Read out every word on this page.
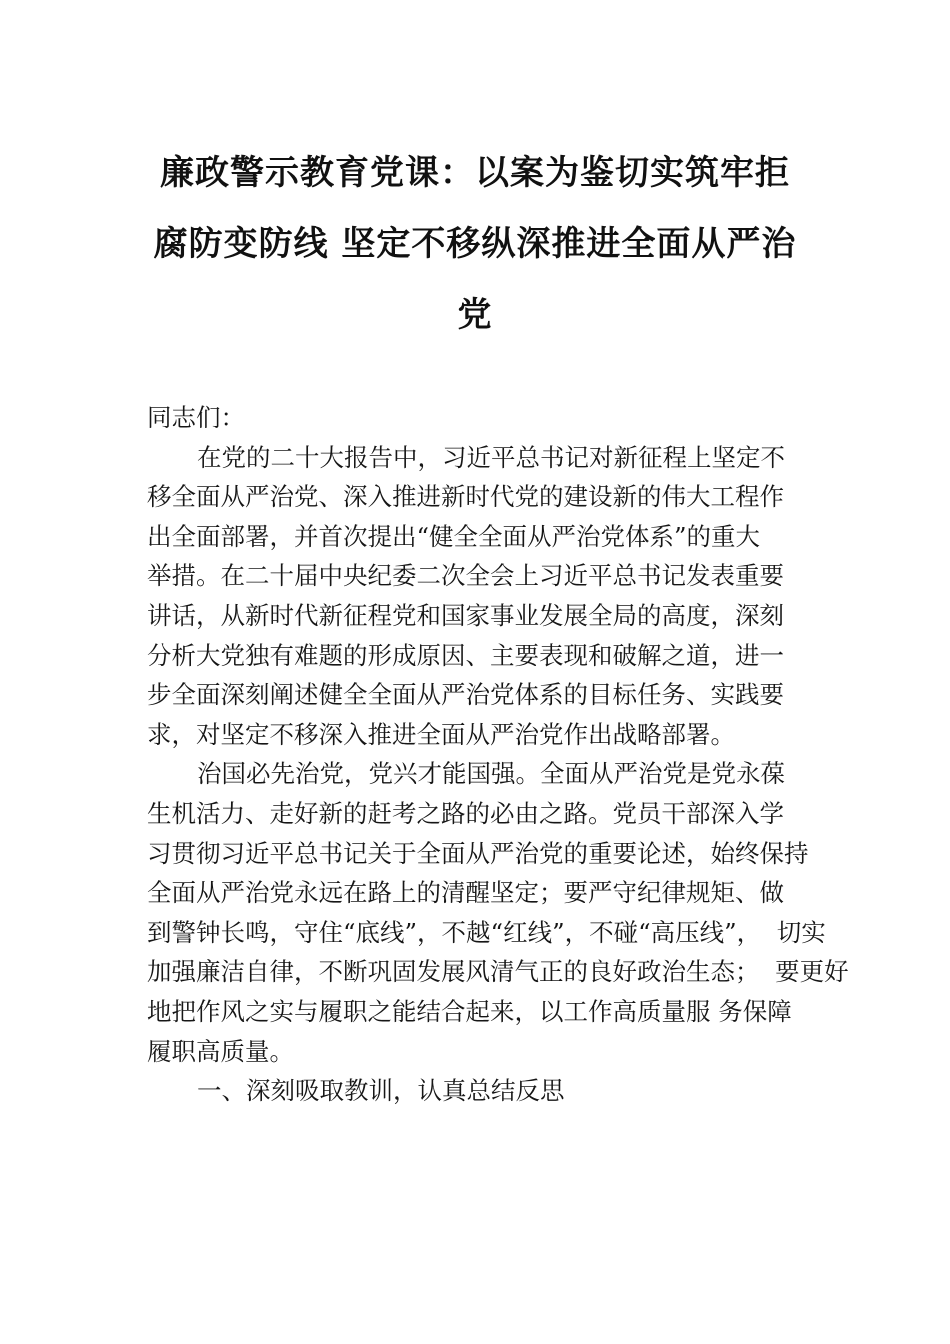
廉政警示教育党课：以案为鉴切实筑牢拒
腐防变防线 坚定不移纵深推进全面从严治
党
同志们：
在党的二十大报告中，习近平总书记对新征程上坚定不
移全面从严治党、深入推进新时代党的建设新的伟大工程作
出全面部署，并首次提出“健全全面从严治党体系”的重大
举措。在二十届中央纪委二次全会上习近平总书记发表重要
讲话，从新时代新征程党和国家事业发展全局的高度，深刻
分析大党独有难题的形成原因、主要表现和破解之道，进一
步全面深刻阐述健全全面从严治党体系的目标任务、实践要
求，对坚定不移深入推进全面从严治党作出战略部署。
治国必先治党，党兴才能国强。全面从严治党是党永葆
生机活力、走好新的赶考之路的必由之路。党员干部深入学
习贯彻习近平总书记关于全面从严治党的重要论述，始终保持
全面从严治党永远在路上的清醒坚定；要严守纪律规矩、做
到警钟长鸣，守住“底线”，不越“红线”，不碰“高压线”，  切实
加强廉洁自律，不断巩固发展风清气正的良好政治生态；  要更好
地把作风之实与履职之能结合起来，以工作高质量服 务保障
履职高质量。
一、深刻吸取教训，认真总结反思
